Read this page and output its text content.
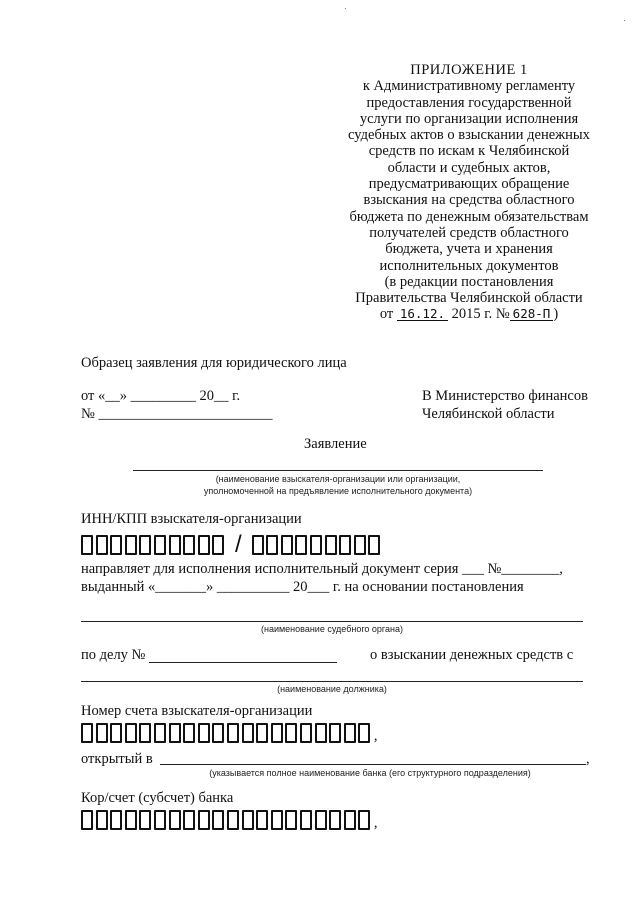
ПРИЛОЖЕНИЕ 1
к Административному регламенту
предоставления государственной
услуги по организации исполнения
судебных актов о взыскании денежных
средств по искам к Челябинской
области и судебных актов,
предусматривающих обращение
взыскания на средства областного
бюджета по денежным обязательствам
получателей средств областного
бюджета, учета и хранения
исполнительных документов
(в редакции постановления
Правительства Челябинской области
от 16.12. 2015 г. № 628-П )
Образец заявления для юридического лица
от «__» _________ 20__ г.
№ ________________________
В Министерство финансов
Челябинской области
Заявление
(наименование взыскателя-организации или организации,
уполномоченной на предъявление исполнительного документа)
ИНН/КПП взыскателя-организации
/
направляет для исполнения исполнительный документ серия ___ №________,
выданный «_______» __________ 20___ г. на основании постановления
(наименование судебного органа)
по делу №	о взыскании денежных средств с
(наименование должника)
Номер счета взыскателя-организации
,
открытый в	,
(указывается полное наименование банка (его структурного подразделения)
Кор/счет (субсчет) банка
,
